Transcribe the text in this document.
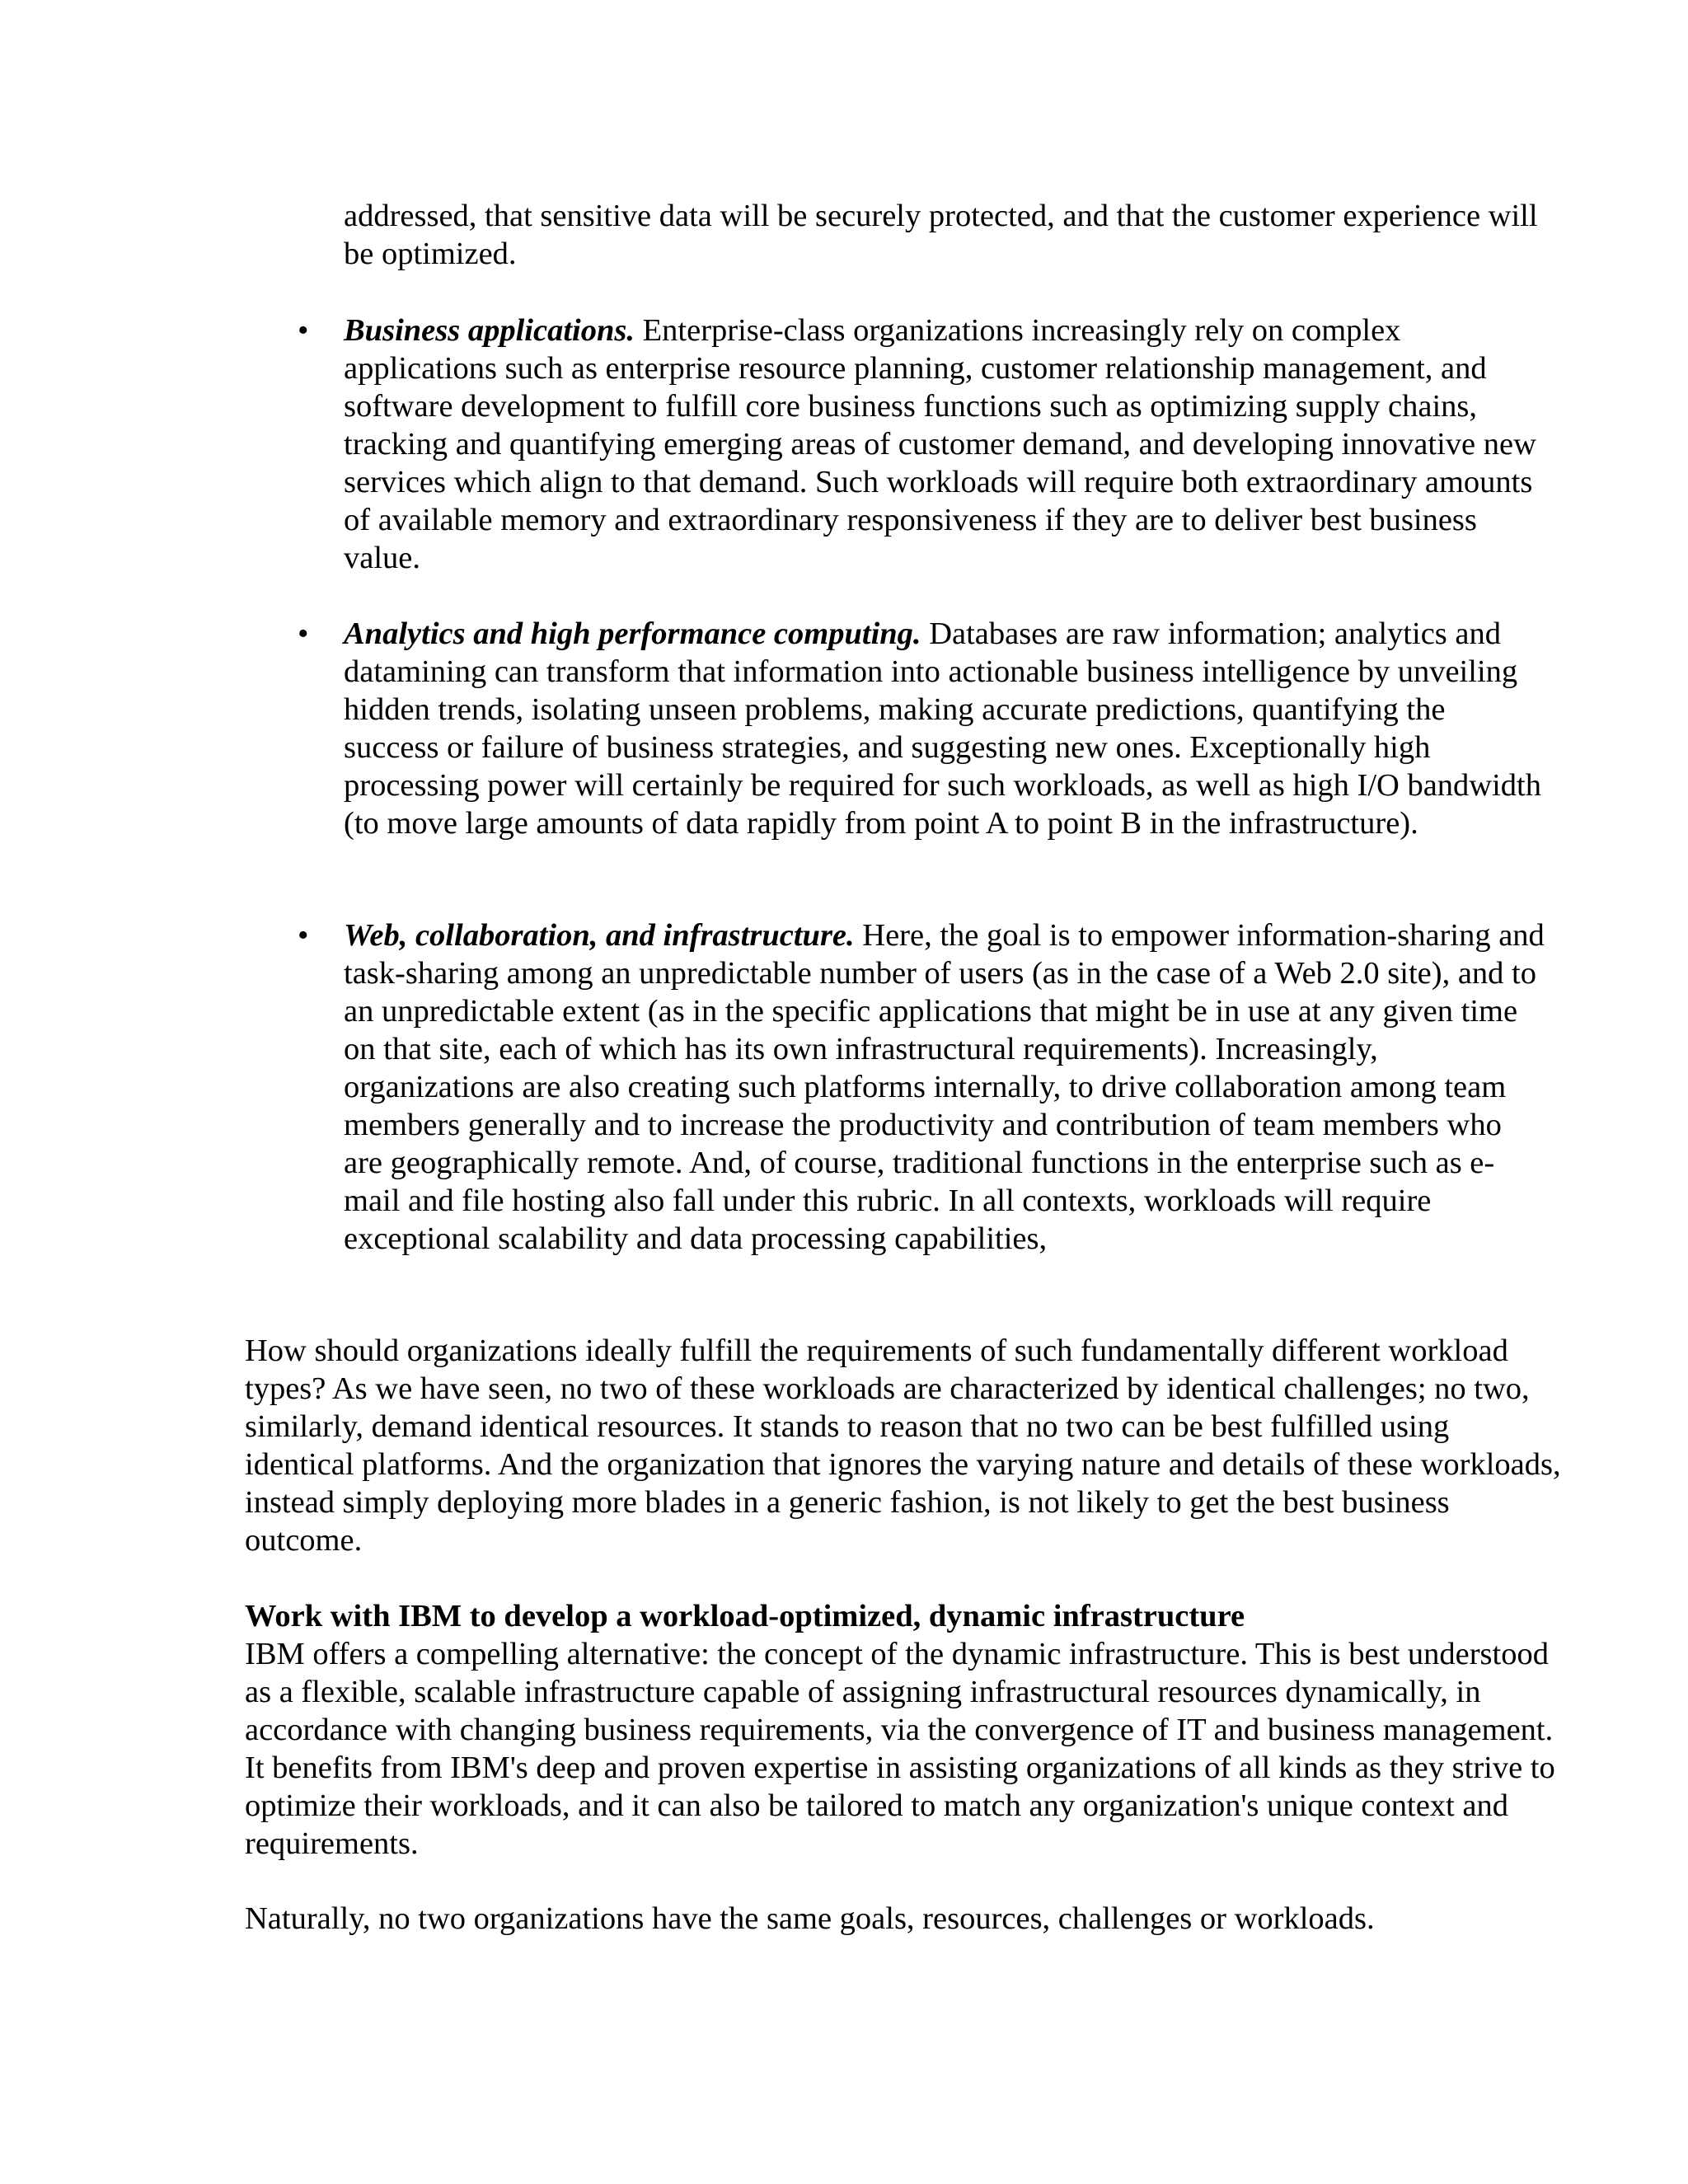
addressed, that sensitive data will be securely protected, and that the customer experience will be optimized.

• Business applications. Enterprise-class organizations increasingly rely on complex applications such as enterprise resource planning, customer relationship management, and software development to fulfill core business functions such as optimizing supply chains, tracking and quantifying emerging areas of customer demand, and developing innovative new services which align to that demand. Such workloads will require both extraordinary amounts of available memory and extraordinary responsiveness if they are to deliver best business value.

• Analytics and high performance computing. Databases are raw information; analytics and datamining can transform that information into actionable business intelligence by unveiling hidden trends, isolating unseen problems, making accurate predictions, quantifying the success or failure of business strategies, and suggesting new ones. Exceptionally high processing power will certainly be required for such workloads, as well as high I/O bandwidth (to move large amounts of data rapidly from point A to point B in the infrastructure).

• Web, collaboration, and infrastructure. Here, the goal is to empower information-sharing and task-sharing among an unpredictable number of users (as in the case of a Web 2.0 site), and to an unpredictable extent (as in the specific applications that might be in use at any given time on that site, each of which has its own infrastructural requirements). Increasingly, organizations are also creating such platforms internally, to drive collaboration among team members generally and to increase the productivity and contribution of team members who are geographically remote. And, of course, traditional functions in the enterprise such as e-mail and file hosting also fall under this rubric. In all contexts, workloads will require exceptional scalability and data processing capabilities,

How should organizations ideally fulfill the requirements of such fundamentally different workload types? As we have seen, no two of these workloads are characterized by identical challenges; no two, similarly, demand identical resources. It stands to reason that no two can be best fulfilled using identical platforms. And the organization that ignores the varying nature and details of these workloads, instead simply deploying more blades in a generic fashion, is not likely to get the best business outcome.

Work with IBM to develop a workload-optimized, dynamic infrastructure

IBM offers a compelling alternative: the concept of the dynamic infrastructure. This is best understood as a flexible, scalable infrastructure capable of assigning infrastructural resources dynamically, in accordance with changing business requirements, via the convergence of IT and business management. It benefits from IBM's deep and proven expertise in assisting organizations of all kinds as they strive to optimize their workloads, and it can also be tailored to match any organization's unique context and requirements.

Naturally, no two organizations have the same goals, resources, challenges or workloads.
